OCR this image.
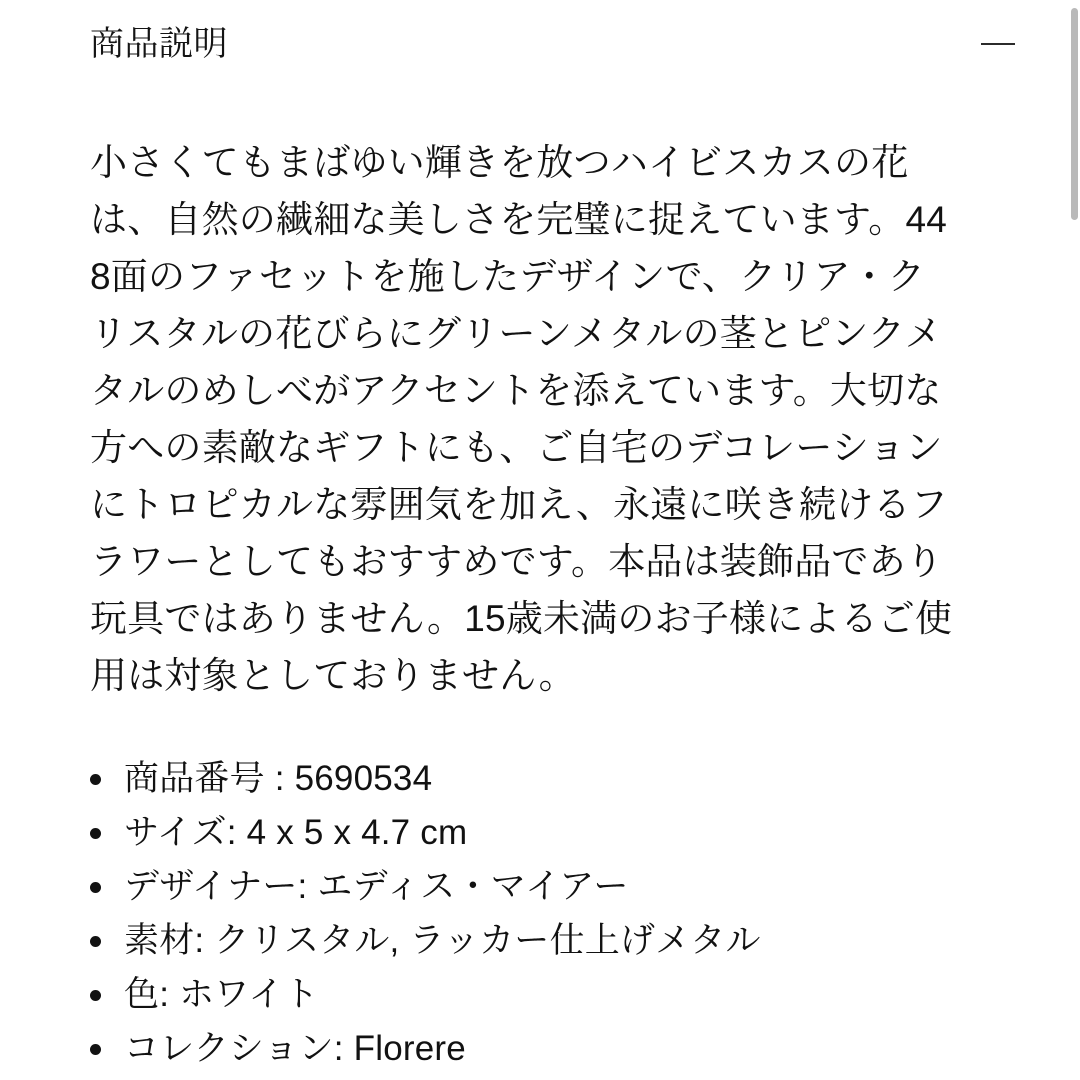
商品説明
小さくてもまばゆい輝きを放つハイビスカスの花は、自然の繊細な美しさを完璧に捉えています。448面のファセットを施したデザインで、クリア・クリスタルの花びらにグリーンメタルの茎とピンクメタルのめしべがアクセントを添えています。大切な方への素敵なギフトにも、ご自宅のデコレーションにトロピカルな雰囲気を加え、永遠に咲き続けるフラワーとしてもおすすめです。本品は装飾品であり玩具ではありません。15歳未満のお子様によるご使用は対象としておりません。
商品番号 : 5690534
サイズ: 4 x 5 x 4.7 cm
デザイナー: エディス・マイアー
素材: クリスタル, ラッカー仕上げメタル
色: ホワイト
コレクション: Florere
